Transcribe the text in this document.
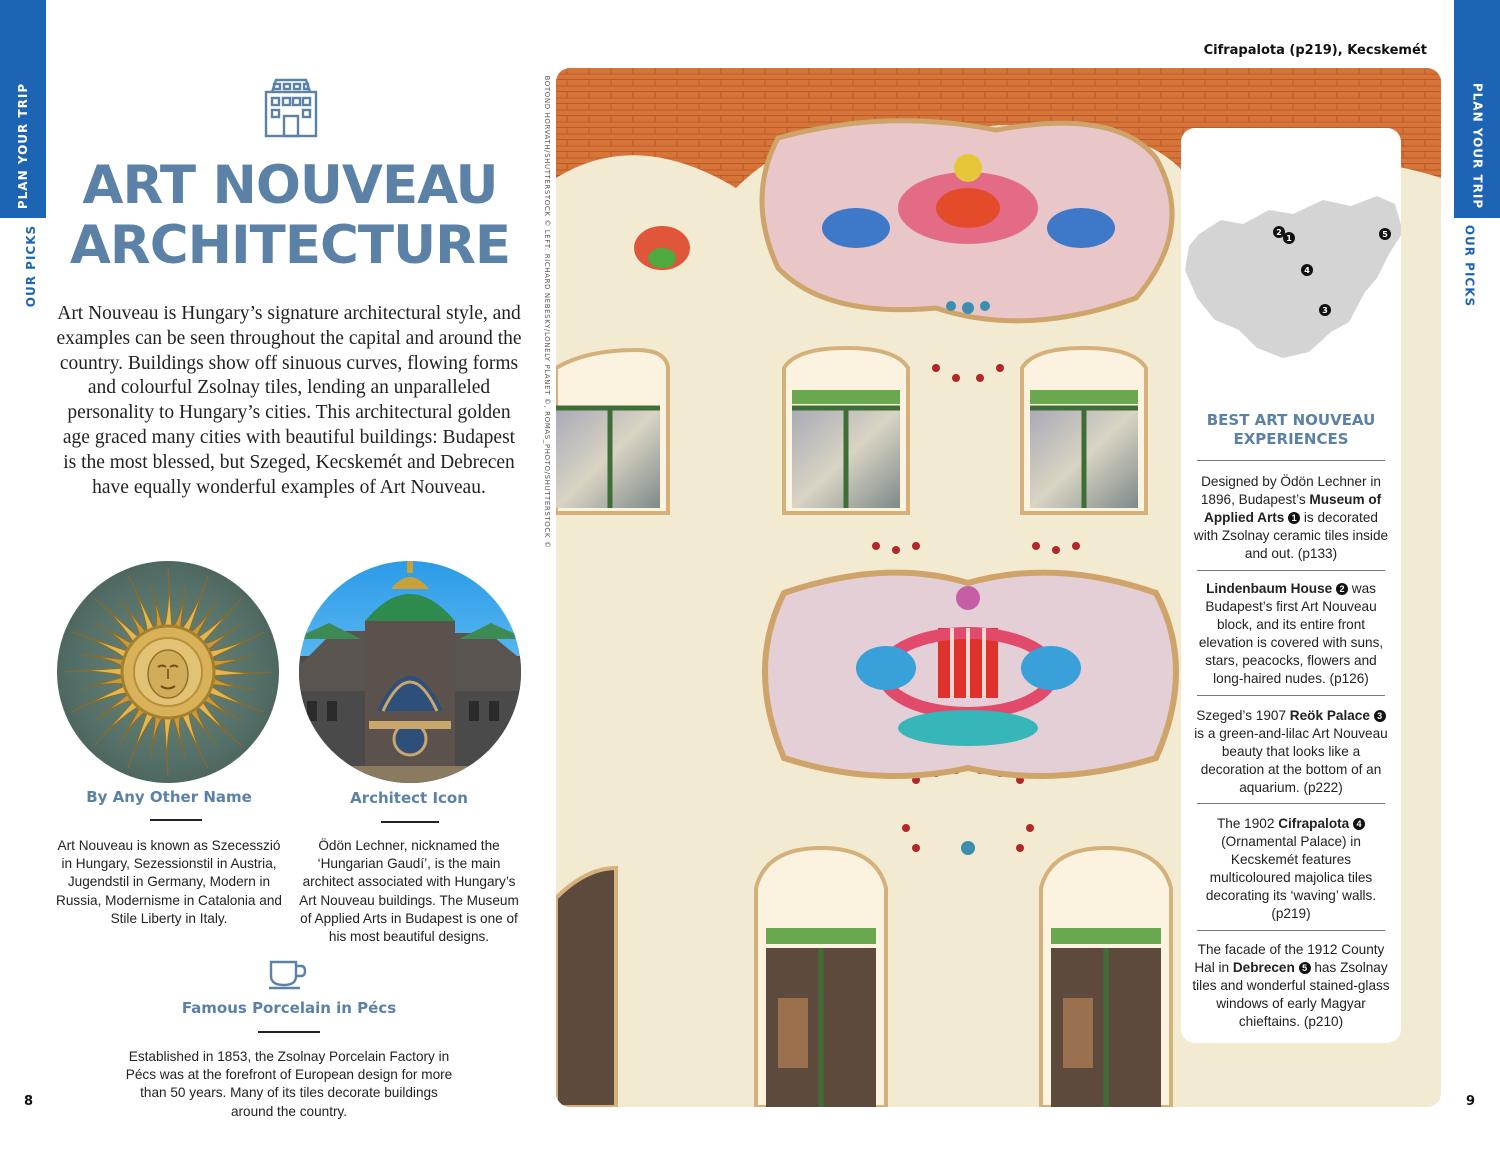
PLAN YOUR TRIP
OUR PICKS
PLAN YOUR TRIP
OUR PICKS
8	9
ART NOUVEAU
ARCHITECTURE

Art Nouveau is Hungary’s signature architectural style, and examples can be seen throughout the capital and around the country. Buildings show off sinuous curves, flowing forms and colourful Zsolnay tiles, lending an unparalleled personality to Hungary’s cities. This architectural golden age graced many cities with beautiful buildings: Budapest is the most blessed, but Szeged, Kecskemét and Debrecen have equally wonderful examples of Art Nouveau.

By Any Other Name
Art Nouveau is known as Szecesszió in Hungary, Sezessionstil in Austria, Jugendstil in Germany, Modern in Russia, Modernisme in Catalonia and Stile Liberty in Italy.
Architect Icon
Ödön Lechner, nicknamed the ‘Hungarian Gaudí’, is the main architect associated with Hungary’s Art Nouveau buildings. The Museum of Applied Arts in Budapest is one of his most beautiful designs.
Famous Porcelain in Pécs
Established in 1853, the Zsolnay Porcelain Factory in Pécs was at the forefront of European design for more than 50 years. Many of its tiles decorate buildings around the country.
BOTOND HORVATH/SHUTTERSTOCK © LEFT: RICHARD NEBESKY/LONELY PLANET ©, ROMAS_PHOTO/SHUTTERSTOCK ©
Cifrapalota (p219), Kecskemét
2
1	5
4
3
BEST ART NOUVEAU
EXPERIENCES
Designed by Ödön Lechner in 1896, Budapest’s Museum of Applied Arts 1 is decorated with Zsolnay ceramic tiles inside and out. (p133)
Lindenbaum House 2 was Budapest’s first Art Nouveau block, and its entire front elevation is covered with suns, stars, peacocks, flowers and long-haired nudes. (p126)
Szeged’s 1907 Reök Palace 3 is a green-and-lilac Art Nouveau beauty that looks like a decoration at the bottom of an aquarium. (p222)
The 1902 Cifrapalota 4 (Ornamental Palace) in Kecskemét features multicoloured majolica tiles decorating its ‘waving’ walls. (p219)
The facade of the 1912 County Hal in Debrecen 5 has Zsolnay tiles and wonderful stained-glass windows of early Magyar chieftains. (p210)
